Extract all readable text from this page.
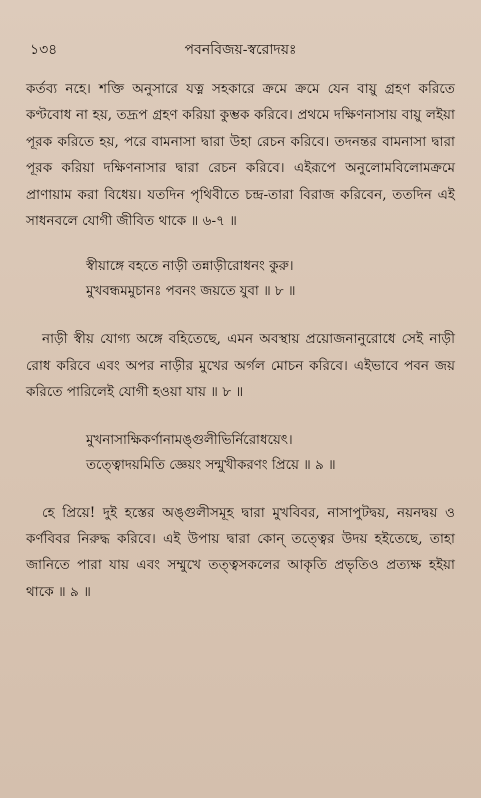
১৩৪	পবনবিজয়-স্বরোদয়ঃ

কর্তব্য নহে। শক্তি অনুসারে যত্ন সহকারে ক্রমে ক্রমে যেন বায়ু গ্রহণ করিতে কণ্টবোধ না হয়, তদ্রূপ গ্রহণ করিয়া কুম্ভক করিবে। প্রথমে দক্ষিণনাসায় বায়ু লইয়া পূরক করিতে হয়, পরে বামনাসা দ্বারা উহা রেচন করিবে। তদনন্তর বামনাসা দ্বারা পূরক করিয়া দক্ষিণনাসার দ্বারা রেচন করিবে। এইরূপে অনুলোমবিলোমক্রমে প্রাণায়াম করা বিধেয়। যতদিন পৃথিবীতে চন্দ্র-তারা বিরাজ করিবেন, ততদিন এই সাধনবলে যোগী জীবিত থাকে ॥ ৬-৭ ॥

স্বীয়াঙ্গে বহতে নাড়ী তন্নাড়ীরোধনং কুরু।
মুখবন্ধমমুচানঃ পবনং জয়তে যুবা ॥ ৮ ॥

নাড়ী স্বীয় যোগ্য অঙ্গে বহিতেছে, এমন অবস্থায় প্রয়োজনানুরোধে সেই নাড়ী রোধ করিবে এবং অপর নাড়ীর মুখের অর্গল মোচন করিবে। এইভাবে পবন জয় করিতে পারিলেই যোগী হওয়া যায় ॥ ৮ ॥

মুখনাসাক্ষিকর্ণানামঙ্গুলীভির্নিরোধয়েৎ।
তত্ত্বোদয়মিতি জ্ঞেয়ং সন্মুখীকরণং প্রিয়ে ॥ ৯ ॥

হে প্রিয়ে! দুই হস্তের অঙ্গুলীসমূহ দ্বারা মুখবিবর, নাসাপুটদ্বয়, নয়নদ্বয় ও কর্ণবিবর নিরুদ্ধ করিবে। এই উপায় দ্বারা কোন্ তত্ত্বের উদয় হইতেছে, তাহা জানিতে পারা যায় এবং সম্মুখে তত্ত্বসকলের আকৃতি প্রভৃতিও প্রত্যক্ষ হইয়া থাকে ॥ ৯ ॥
